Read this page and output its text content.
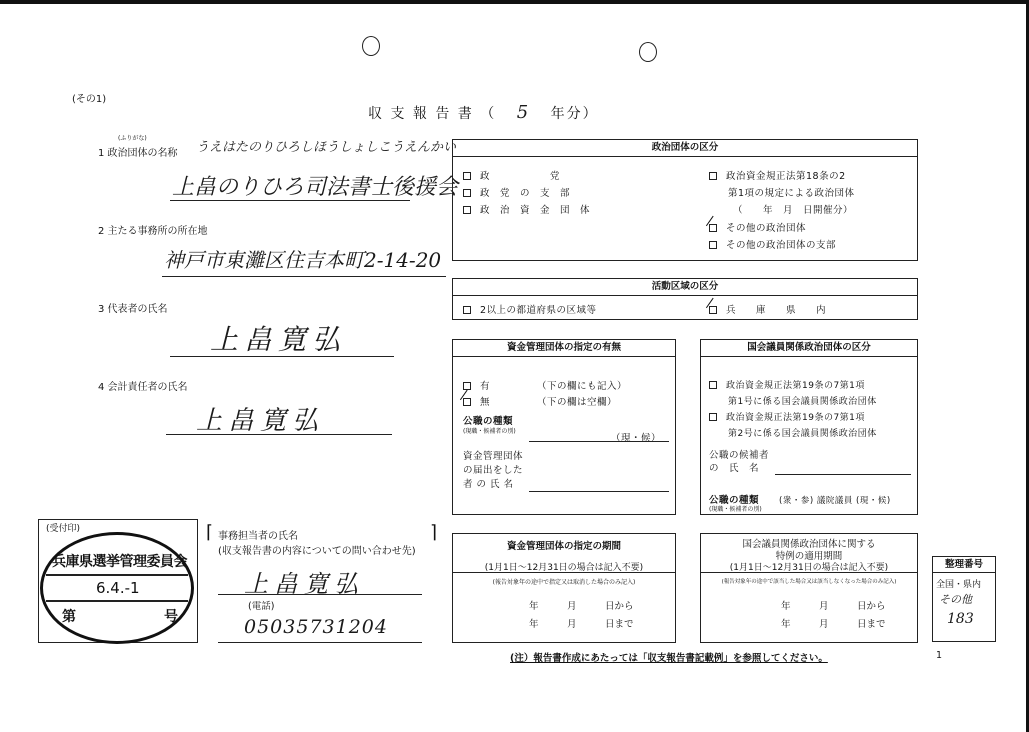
(その1)
収 支 報 告 書 （ 5 年分）
(ふりがな)
1 政治団体の名称 うえはたのりひろしほうしょしこうえんかい
上畠のりひろ司法書士後援会
2 主たる事務所の所在地
神戸市東灘区住吉本町2-14-20
3 代表者の氏名
上畠寛弘
4 会計責任者の氏名
上畠寛弘
政治団体の区分
政　　　　　　党
政　党　の　支　部
政　治　資　金　団　体
政治資金規正法第18条の2
第1項の規定による政治団体
（　　年　月　日開催分）
その他の政治団体
その他の政治団体の支部
活動区域の区分
2以上の都道府県の区域等	兵　　庫　　県　　内
資金管理団体の指定の有無
有	（下の欄にも記入）
無	（下の欄は空欄）
公職の種類
(現職・候補者の別)
（現・候）
資金管理団体
の届出をした
者 の 氏 名
国会議員関係政治団体の区分
政治資金規正法第19条の7第1項
第1号に係る国会議員関係政治団体
政治資金規正法第19条の7第1項
第2号に係る国会議員関係政治団体
公職の候補者
の　氏　名
公職の種類
(現職・候補者の別)
(衆・参) 議院議員 (現・候)
(受付印)
兵庫県選挙管理委員会
6.4.-1
第	号
⌈ 事務担当者の氏名
(収支報告書の内容についての問い合わせ先)
⌉
上畠寛弘
(電話)
05035731204
資金管理団体の指定の期間
(1月1日〜12月31日の場合は記入不要)
(報告対象年の途中で指定又は取消した場合のみ記入)
年　　　月　　　日から
年　　　月　　　日まで
国会議員関係政治団体に関する
特例の適用期間
(1月1日〜12月31日の場合は記入不要)
(報告対象年の途中で該当した場合又は該当しなくなった場合のみ記入)
年　　　月　　　日から
年　　　月　　　日まで
整理番号
全国・県内
その他
183
(注）報告書作成にあたっては「収支報告書記載例」を参照してください。	1
